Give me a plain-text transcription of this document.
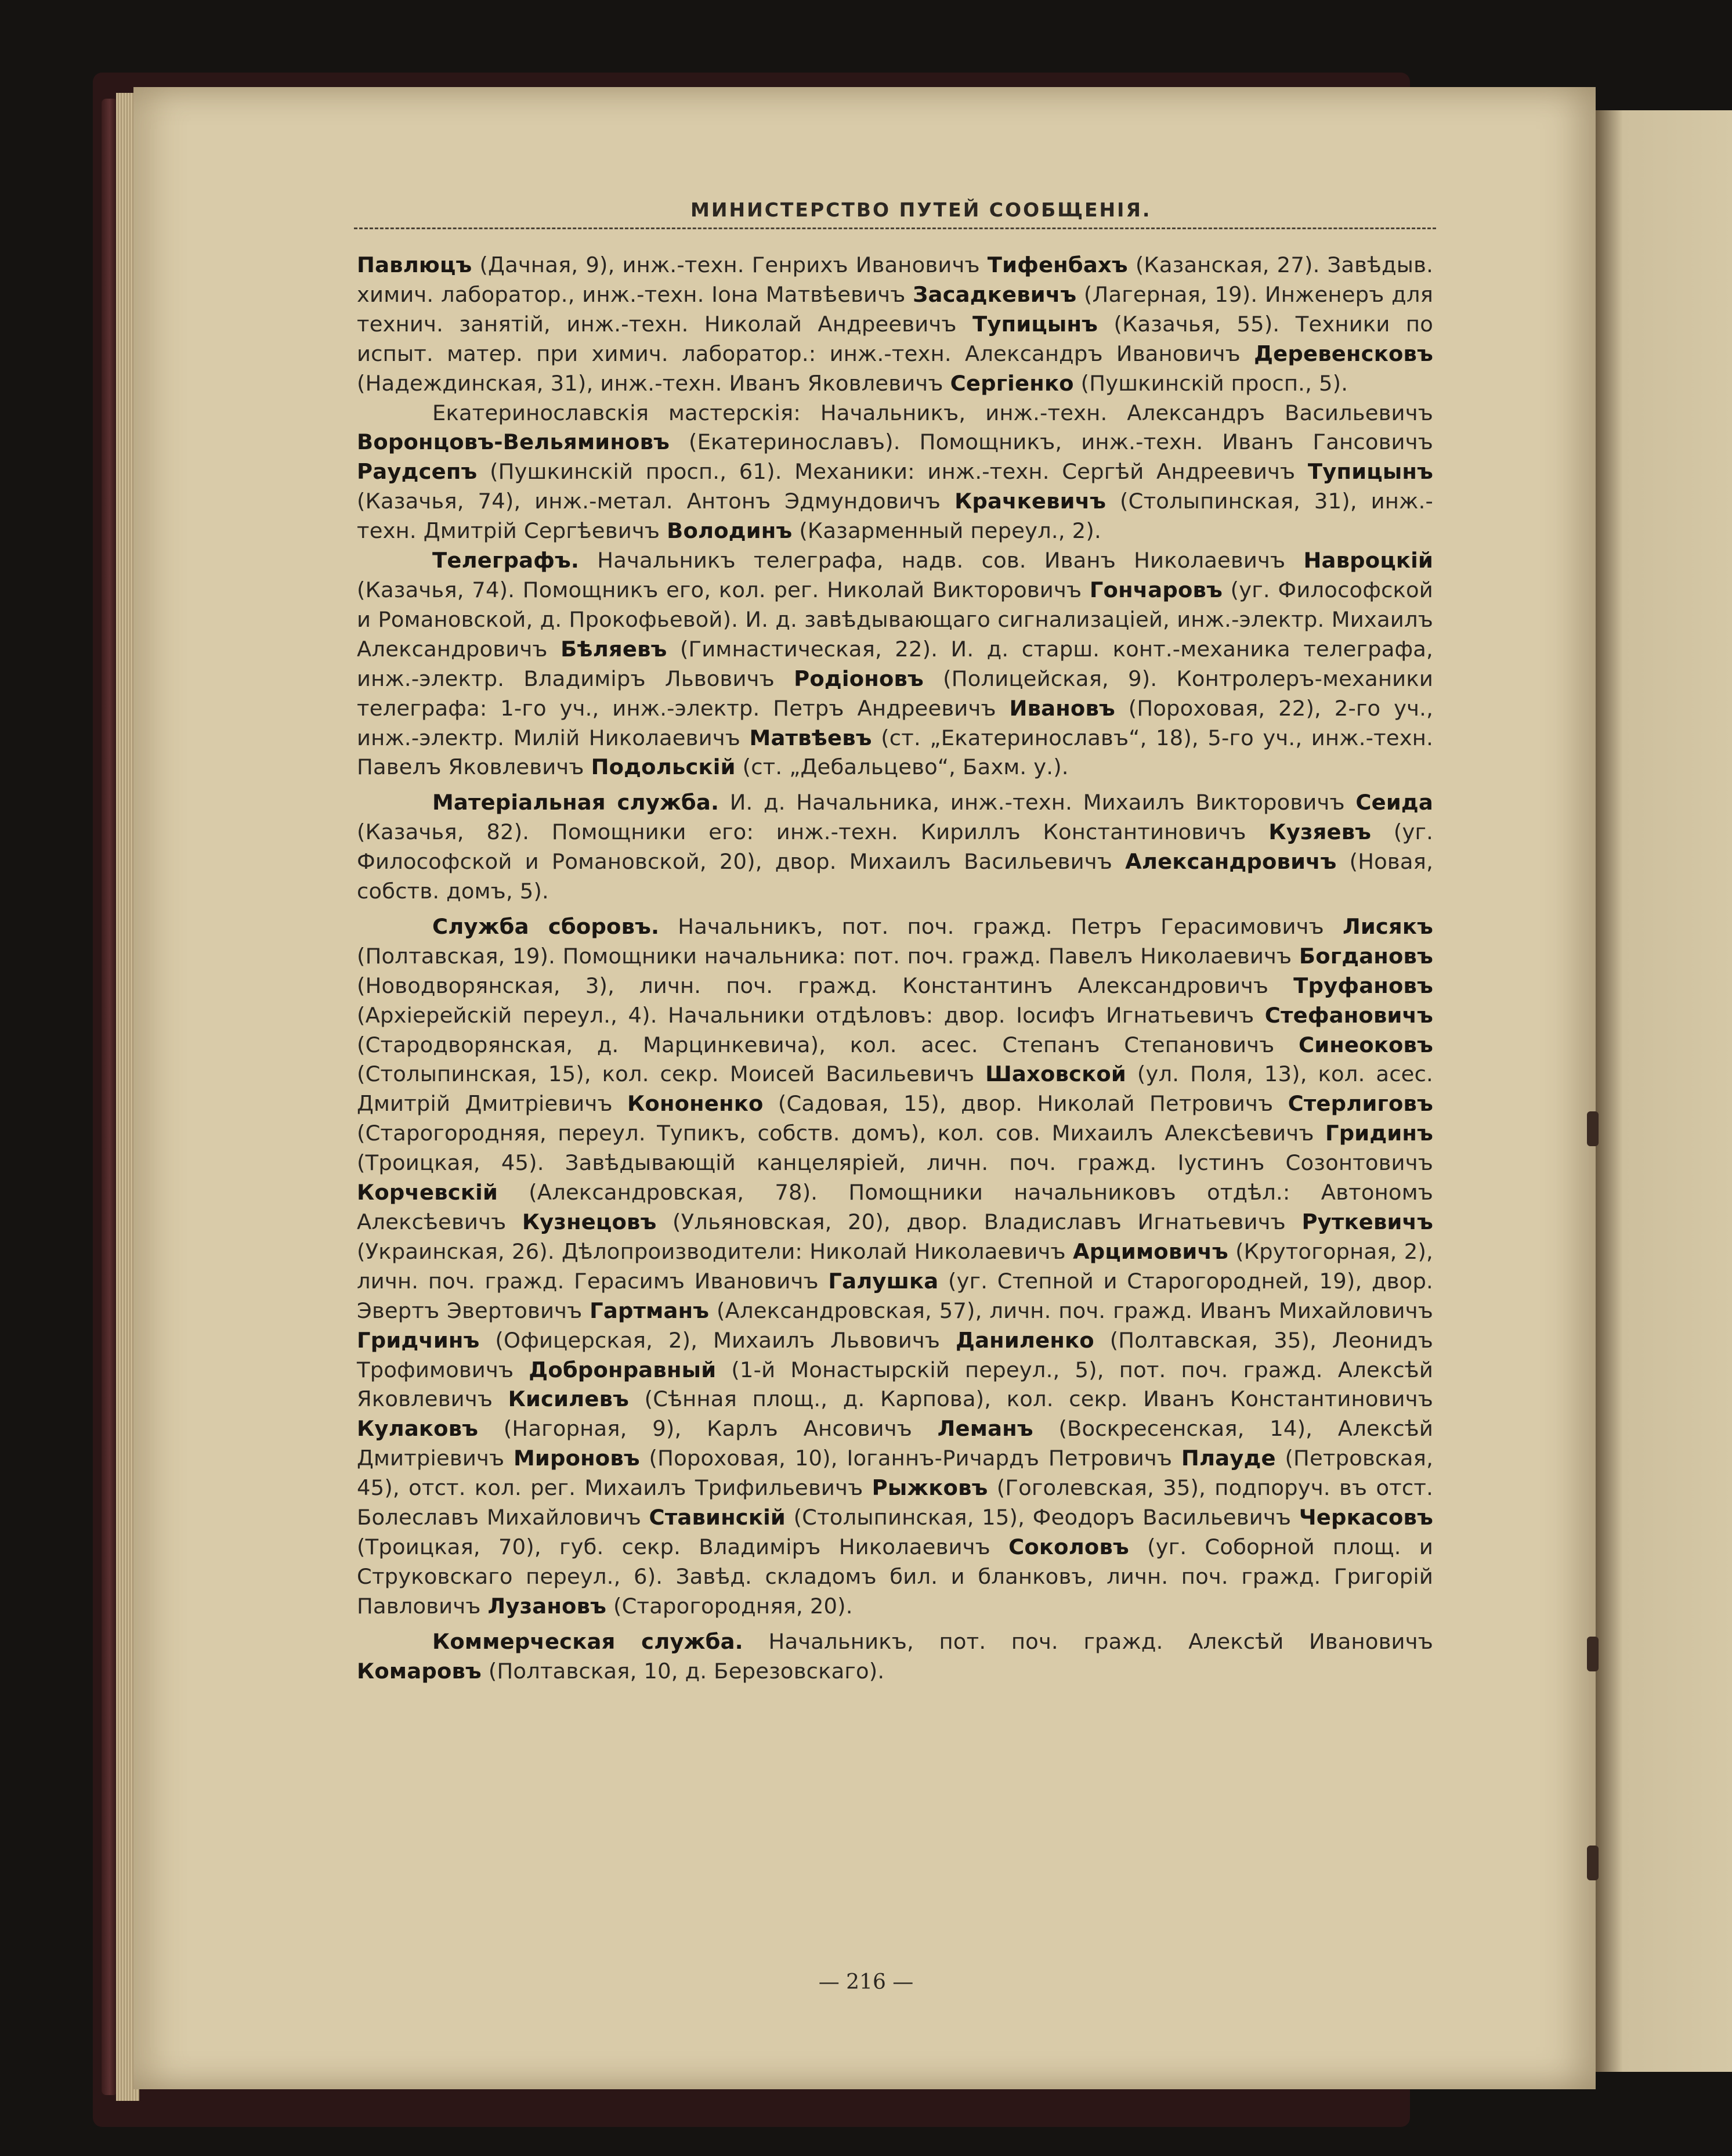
МИНИСТЕРСТВО ПУТЕЙ СООБЩЕНІЯ.

Павлюцъ (Дачная, 9), инж.-техн. Генрихъ Ивановичъ Тифенбахъ (Казанская, 27). Завѣдыв. химич. лаборатор., инж.-техн. Іона Матвѣевичъ Засадкевичъ (Лагерная, 19). Инженеръ для технич. занятій, инж.-техн. Николай Андреевичъ Тупицынъ (Казачья, 55). Техники по испыт. матер. при химич. лаборатор.: инж.-техн. Александръ Ивановичъ Деревенсковъ (Надеждинская, 31), инж.-техн. Иванъ Яковлевичъ Сергіенко (Пушкинскій просп., 5).

Екатеринославскія мастерскія: Начальникъ, инж.-техн. Александръ Васильевичъ Воронцовъ-Вельяминовъ (Екатеринославъ). Помощникъ, инж.-техн. Иванъ Гансовичъ Раудсепъ (Пушкинскій просп., 61). Механики: инж.-техн. Сергѣй Андреевичъ Тупицынъ (Казачья, 74), инж.-метал. Антонъ Эдмундовичъ Крачкевичъ (Столыпинская, 31), инж.-техн. Дмитрій Сергѣевичъ Володинъ (Казарменный переул., 2).

Телеграфъ. Начальникъ телеграфа, надв. сов. Иванъ Николаевичъ Навроцкій (Казачья, 74). Помощникъ его, кол. рег. Николай Викторовичъ Гончаровъ (уг. Философской и Романовской, д. Прокофьевой). И. д. завѣдывающаго сигнализацiей, инж.-электр. Михаилъ Александровичъ Бѣляевъ (Гимнастическая, 22). И. д. старш. конт.-механика телеграфа, инж.-электр. Владиміръ Львовичъ Родіоновъ (Полицейская, 9). Контролеръ-механики телеграфа: 1-го уч., инж.-электр. Петръ Андреевичъ Ивановъ (Пороховая, 22), 2-го уч., инж.-электр. Милій Николаевичъ Матвѣевъ (ст. „Екатеринославъ“, 18), 5-го уч., инж.-техн. Павелъ Яковлевичъ Подольскій (ст. „Дебальцево“, Бахм. у.).

Матеріальная служба. И. д. Начальника, инж.-техн. Михаилъ Викторовичъ Сеида (Казачья, 82). Помощники его: инж.-техн. Кириллъ Константиновичъ Кузяевъ (уг. Философской и Романовской, 20), двор. Михаилъ Васильевичъ Александровичъ (Новая, собств. домъ, 5).

Служба сборовъ. Начальникъ, пот. поч. гражд. Петръ Герасимовичъ Лисякъ (Полтавская, 19). Помощники начальника: пот. поч. гражд. Павелъ Николаевичъ Богдановъ (Новодворянская, 3), личн. поч. гражд. Константинъ Александровичъ Труфановъ (Архіерейскій переул., 4). Начальники отдѣловъ: двор. Іосифъ Игнатьевичъ Стефановичъ (Стародворянская, д. Марцинкевича), кол. асес. Степанъ Степановичъ Синеоковъ (Столыпинская, 15), кол. секр. Моисей Васильевичъ Шаховской (ул. Поля, 13), кол. асес. Дмитрій Дмитріевичъ Кононенко (Садовая, 15), двор. Николай Петровичъ Стерлиговъ (Старогородняя, переул. Тупикъ, собств. домъ), кол. сов. Михаилъ Алексѣевичъ Гридинъ (Троицкая, 45). Завѣдывающій канцеляріей, личн. поч. гражд. Іустинъ Созонтовичъ Корчевскій (Александровская, 78). Помощники начальниковъ отдѣл.: Автономъ Алексѣевичъ Кузнецовъ (Ульяновская, 20), двор. Владиславъ Игнатьевичъ Руткевичъ (Украинская, 26). Дѣлопроизводители: Николай Николаевичъ Арцимовичъ (Крутогорная, 2), личн. поч. гражд. Герасимъ Ивановичъ Галушка (уг. Степной и Старогородней, 19), двор. Эвертъ Эвертовичъ Гартманъ (Александровская, 57), личн. поч. гражд. Иванъ Михайловичъ Гридчинъ (Офицерская, 2), Михаилъ Львовичъ Даниленко (Полтавская, 35), Леонидъ Трофимовичъ Добронравный (1-й Монастырскій переул., 5), пот. поч. гражд. Алексѣй Яковлевичъ Кисилевъ (Сѣнная площ., д. Карпова), кол. секр. Иванъ Константиновичъ Кулаковъ (Нагорная, 9), Карлъ Ансовичъ Леманъ (Воскресенская, 14), Алексѣй Дмитріевичъ Мироновъ (Пороховая, 10), Іоганнъ-Ричардъ Петровичъ Плауде (Петровская, 45), отст. кол. рег. Михаилъ Трифильевичъ Рыжковъ (Гоголевская, 35), подпоруч. въ отст. Болеславъ Михайловичъ Ставинскій (Столыпинская, 15), Феодоръ Васильевичъ Черкасовъ (Троицкая, 70), губ. секр. Владиміръ Николаевичъ Соколовъ (уг. Соборной площ. и Струковскаго переул., 6). Завѣд. складомъ бил. и бланковъ, личн. поч. гражд. Григорій Павловичъ Лузановъ (Старогородняя, 20).

Коммерческая служба. Начальникъ, пот. поч. гражд. Алексѣй Ивановичъ Комаровъ (Полтавская, 10, д. Березовскаго).

— 216 —
